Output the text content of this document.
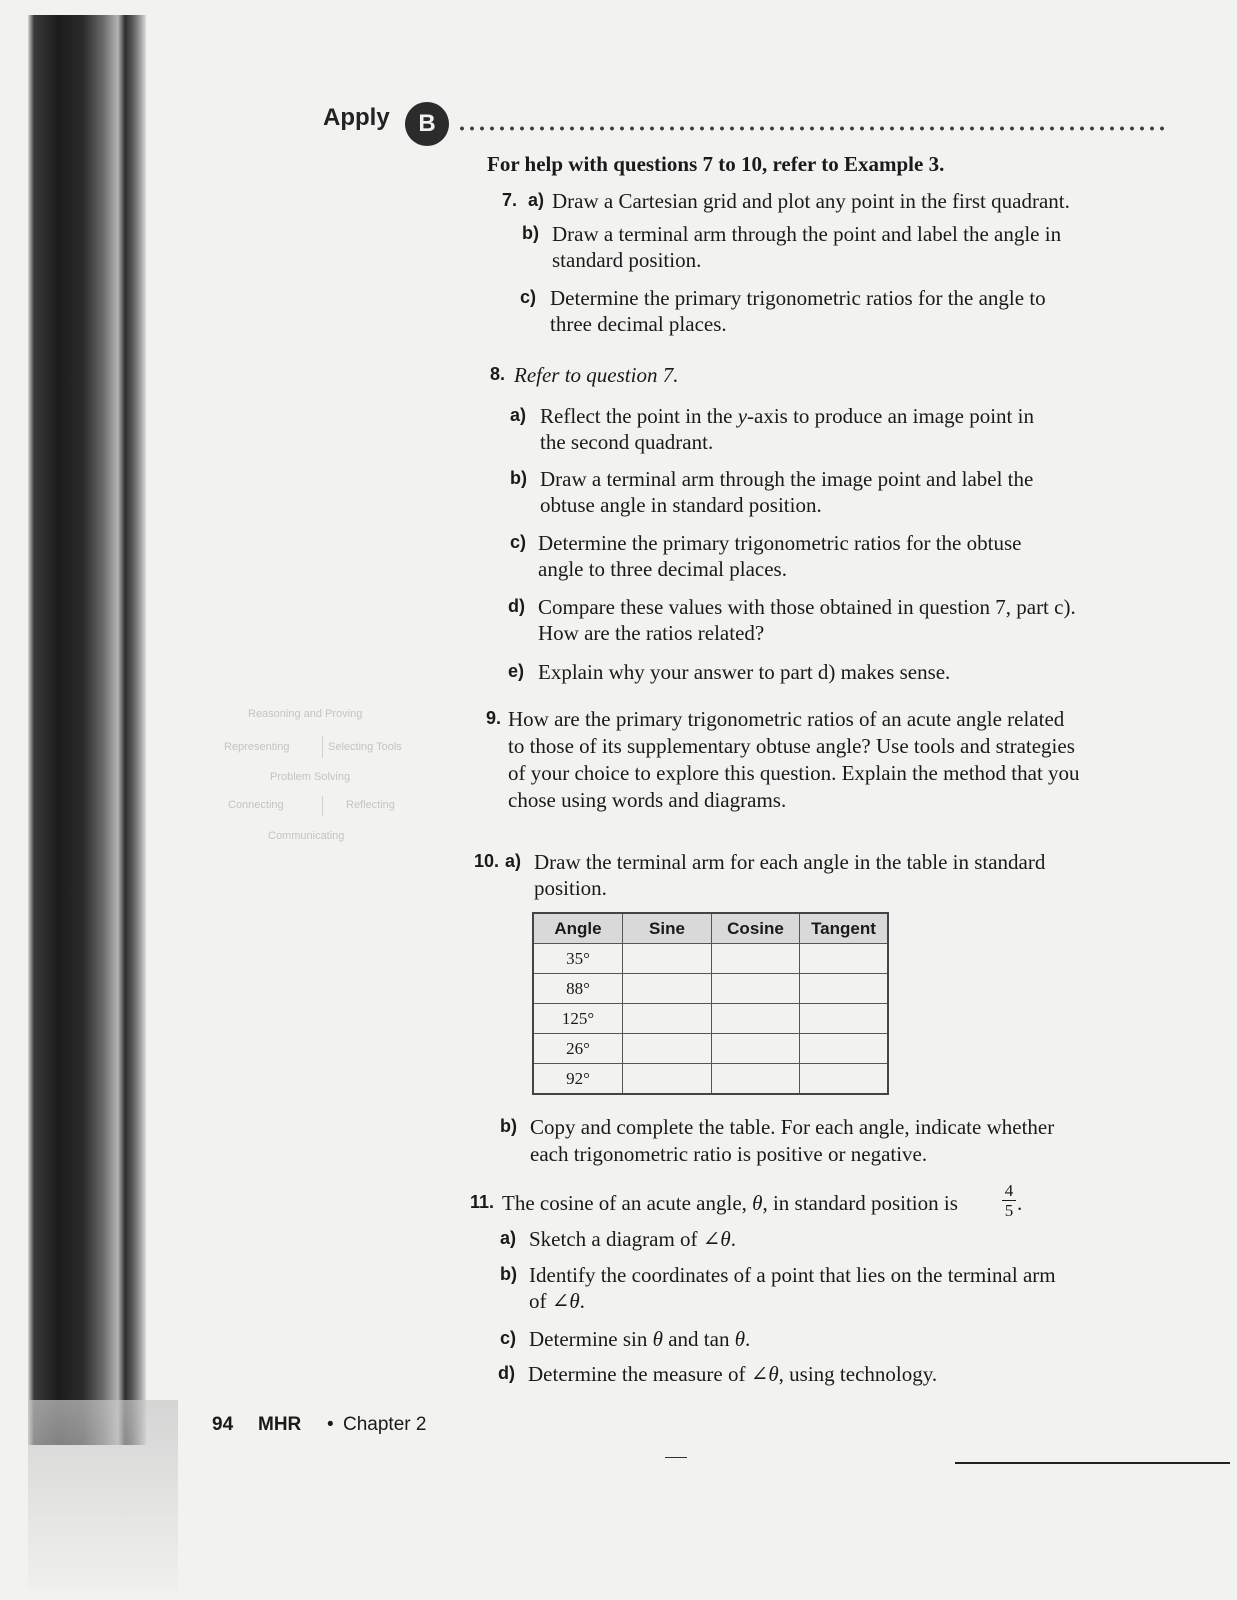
Apply	B
For help with questions 7 to 10, refer to Example 3.
7. a) Draw a Cartesian grid and plot any point in the first quadrant.
b) Draw a terminal arm through the point and label the angle in
standard position.
c) Determine the primary trigonometric ratios for the angle to
three decimal places.
8. Refer to question 7.
a) Reflect the point in the y-axis to produce an image point in
the second quadrant.
b) Draw a terminal arm through the image point and label the
obtuse angle in standard position.
c) Determine the primary trigonometric ratios for the obtuse
angle to three decimal places.
d) Compare these values with those obtained in question 7, part c).
How are the ratios related?
e) Explain why your answer to part d) makes sense.
9. How are the primary trigonometric ratios of an acute angle related
to those of its supplementary obtuse angle? Use tools and strategies
of your choice to explore this question. Explain the method that you
chose using words and diagrams.
Reasoning and Proving
Representing	Selecting Tools
Problem Solving
Connecting	Reflecting
Communicating
10. a) Draw the terminal arm for each angle in the table in standard
position.
Angle	Sine	Cosine	Tangent
35°			
88°			
125°			
26°			
92°			
b) Copy and complete the table. For each angle, indicate whether
each trigonometric ratio is positive or negative.
11. The cosine of an acute angle, θ, in standard position is
4
5 .
a) Sketch a diagram of ∠θ.
b) Identify the coordinates of a point that lies on the terminal arm
of ∠θ.
c) Determine sin θ and tan θ.
d) Determine the measure of ∠θ, using technology.
94 MHR • Chapter 2
